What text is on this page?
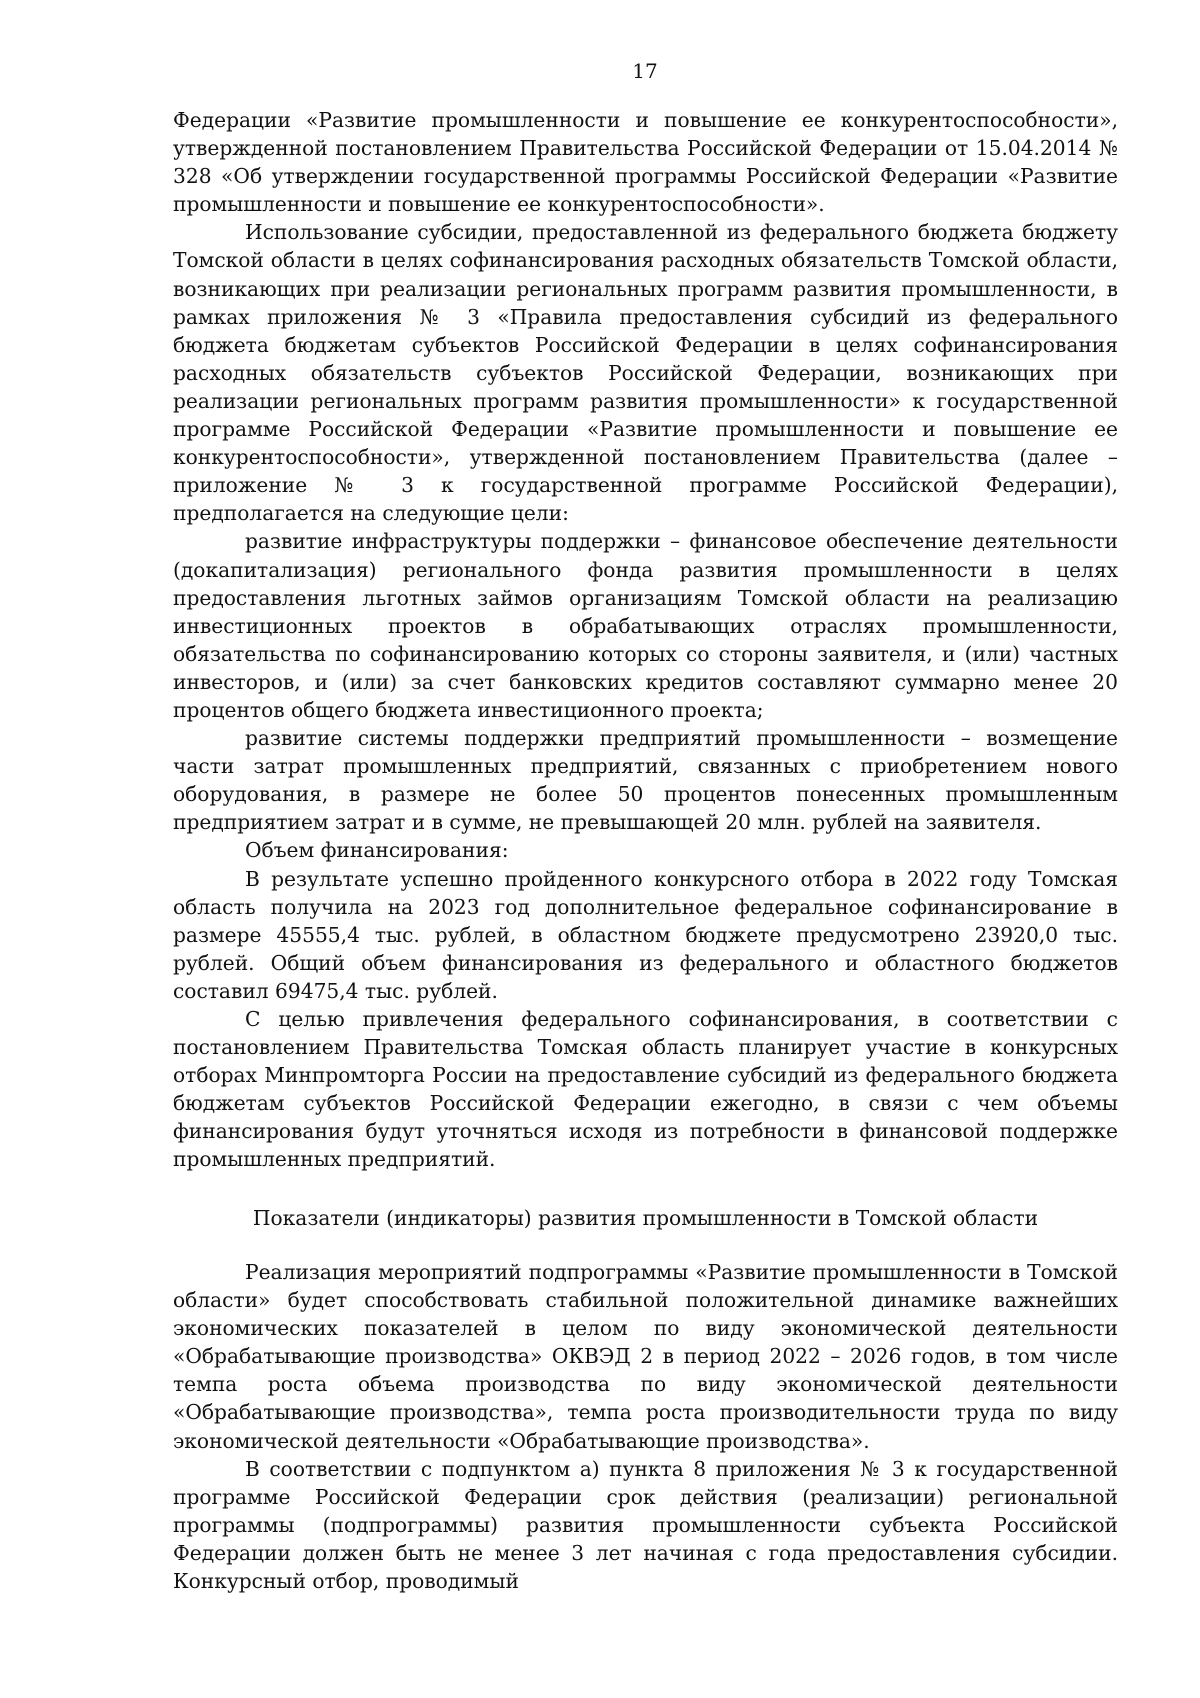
17

Федерации «Развитие промышленности и повышение ее конкурентоспособности», утвержденной постановлением Правительства Российской Федерации от 15.04.2014 № 328 «Об утверждении государственной программы Российской Федерации «Развитие промышленности и повышение ее конкурентоспособности».

Использование субсидии, предоставленной из федерального бюджета бюджету Томской области в целях софинансирования расходных обязательств Томской области, возникающих при реализации региональных программ развития промышленности, в рамках приложения № 3 «Правила предоставления субсидий из федерального бюджета бюджетам субъектов Российской Федерации в целях софинансирования расходных обязательств субъектов Российской Федерации, возникающих при реализации региональных программ развития промышленности» к государственной программе Российской Федерации «Развитие промышленности и повышение ее конкурентоспособности», утвержденной постановлением Правительства (далее – приложение № 3 к государственной программе Российской Федерации), предполагается на следующие цели:

развитие инфраструктуры поддержки – финансовое обеспечение деятельности (докапитализация) регионального фонда развития промышленности в целях предоставления льготных займов организациям Томской области на реализацию инвестиционных проектов в обрабатывающих отраслях промышленности, обязательства по софинансированию которых со стороны заявителя, и (или) частных инвесторов, и (или) за счет банковских кредитов составляют суммарно менее 20 процентов общего бюджета инвестиционного проекта;

развитие системы поддержки предприятий промышленности – возмещение части затрат промышленных предприятий, связанных с приобретением нового оборудования, в размере не более 50 процентов понесенных промышленным предприятием затрат и в сумме, не превышающей 20 млн. рублей на заявителя.

Объем финансирования:

В результате успешно пройденного конкурсного отбора в 2022 году Томская область получила на 2023 год дополнительное федеральное софинансирование в размере 45555,4 тыс. рублей, в областном бюджете предусмотрено 23920,0 тыс. рублей. Общий объем финансирования из федерального и областного бюджетов составил 69475,4 тыс. рублей.

С целью привлечения федерального софинансирования, в соответствии с постановлением Правительства Томская область планирует участие в конкурсных отборах Минпромторга России на предоставление субсидий из федерального бюджета бюджетам субъектов Российской Федерации ежегодно, в связи с чем объемы финансирования будут уточняться исходя из потребности в финансовой поддержке промышленных предприятий.

Показатели (индикаторы) развития промышленности в Томской области

Реализация мероприятий подпрограммы «Развитие промышленности в Томской области» будет способствовать стабильной положительной динамике важнейших экономических показателей в целом по виду экономической деятельности «Обрабатывающие производства» ОКВЭД 2 в период 2022 – 2026 годов, в том числе темпа роста объема производства по виду экономической деятельности «Обрабатывающие производства», темпа роста производительности труда по виду экономической деятельности «Обрабатывающие производства».

В соответствии с подпунктом а) пункта 8 приложения № 3 к государственной программе Российской Федерации срок действия (реализации) региональной программы (подпрограммы) развития промышленности субъекта Российской Федерации должен быть не менее 3 лет начиная с года предоставления субсидии. Конкурсный отбор, проводимый
